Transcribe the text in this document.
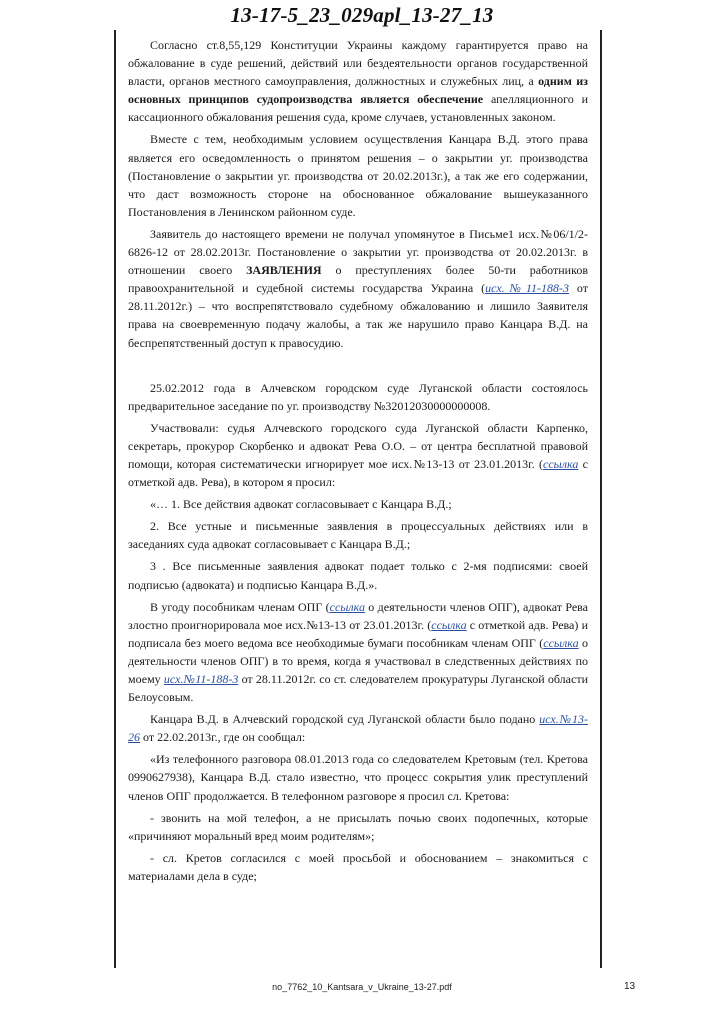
13-17-5_23_029apl_13-27_13

Согласно ст.8,55,129 Конституции Украины каждому гарантируется право на обжалование в суде решений, действий или бездеятельности органов государственной власти, органов местного самоуправления, должностных и служебных лиц, а одним из основных принципов судопроизводства является обеспечение апелляционного и кассационного обжалования решения суда, кроме случаев, установленных законом.

Вместе с тем, необходимым условием осуществления Канцара В.Д. этого права является его осведомленность о принятом решения – о закрытии уг. производства (Постановление о закрытии уг. производства от 20.02.2013г.), а так же его содержании, что даст возможность стороне на обоснованное обжалование вышеуказанного Постановления в Ленинском районном суде.

Заявитель до настоящего времени не получал упомянутое в Письме1 исх.№06/1/2-6826-12 от 28.02.2013г. Постановление о закрытии уг. производства от 20.02.2013г. в отношении своего ЗАЯВЛЕНИЯ о преступлениях более 50-ти работников правоохранительной и судебной системы государства Украина (исх.№11-188-3 от 28.11.2012г.) – что воспрепятствовало судебному обжалованию и лишило Заявителя права на своевременную подачу жалобы, а так же нарушило право Канцара В.Д. на беспрепятственный доступ к правосудию.

25.02.2012 года в Алчевском городском суде Луганской области состоялось предварительное заседание по уг. производству №32012030000000008.

Участвовали: судья Алчевского городского суда Луганской области Карпенко, секретарь, прокурор Скорбенко и адвокат Рева О.О. – от центра бесплатной правовой помощи, которая систематически игнорирует мое исх.№13-13 от 23.01.2013г. (ссылка с отметкой адв. Рева), в котором я просил:

«… 1. Все действия адвокат согласовывает с Канцара В.Д.;

2. Все устные и письменные заявления в процессуальных действиях или в заседаниях суда адвокат согласовывает с Канцара В.Д.;

3 . Все письменные заявления адвокат подает только с 2-мя подписями: своей подписью (адвоката) и подписью Канцара В.Д.».

В угоду пособникам членам ОПГ (ссылка о деятельности членов ОПГ), адвокат Рева злостно проигнорировала мое исх.№13-13 от 23.01.2013г. (ссылка с отметкой адв. Рева) и подписала без моего ведома все необходимые бумаги пособникам членам ОПГ (ссылка о деятельности членов ОПГ) в то время, когда я участвовал в следственных действиях по моему исх.№11-188-3 от 28.11.2012г. со ст. следователем прокуратуры Луганской области Белоусовым.

Канцара В.Д. в Алчевский городской суд Луганской области было подано исх.№13-26 от 22.02.2013г., где он сообщал:

«Из телефонного разговора 08.01.2013 года со следователем Кретовым (тел. Кретова 0990627938), Канцара В.Д. стало известно, что процесс сокрытия улик преступлений членов ОПГ продолжается. В телефонном разговоре я просил сл. Кретова:

- звонить на мой телефон, а не присылать почью своих подопечных, которые «причиняют моральный вред моим родителям»;

- сл. Кретов согласился с моей просьбой и обоснованием – знакомиться с материалами дела в суде;

no_7762_10_Kantsara_v_Ukraine_13-27.pdf	13
